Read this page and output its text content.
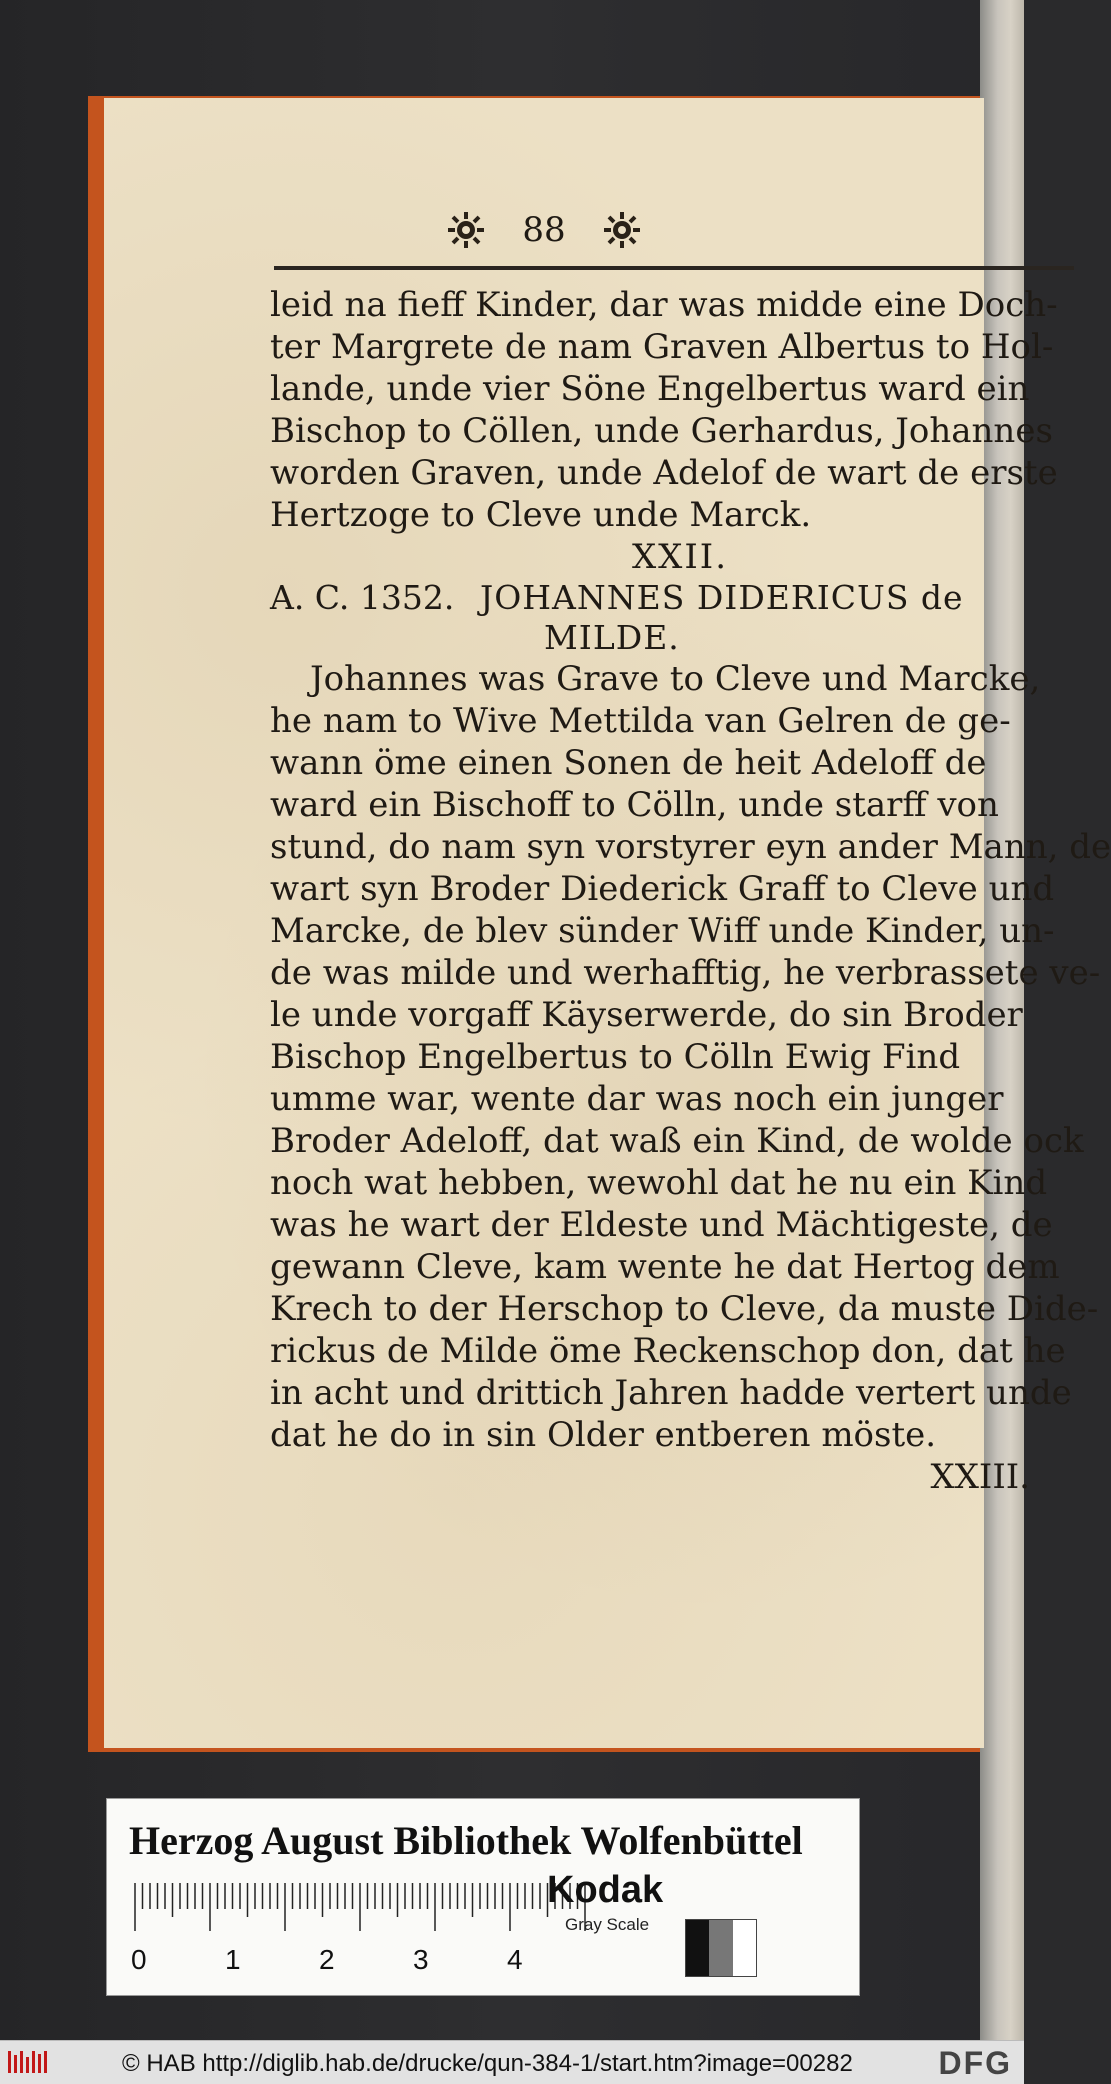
88

leid na fieff Kinder, dar was midde eine Doch-

ter Margrete de nam Graven Albertus to Hol-

lande, unde vier Söne Engelbertus ward ein

Bischop to Cöllen, unde Gerhardus, Johannes

worden Graven, unde Adelof de wart de erste

Hertzoge to Cleve unde Marck.

XXII.

A. C. 1352. JOHANNES DIDERICUS de

MILDE.

Johannes was Grave to Cleve und Marcke,

he nam to Wive Mettilda van Gelren de ge-

wann öme einen Sonen de heit Adeloff de

ward ein Bischoff to Cölln, unde starff von

stund, do nam syn vorstyrer eyn ander Mann, de

wart syn Broder Diederick Graff to Cleve und

Marcke, de blev sünder Wiff unde Kinder, un-

de was milde und werhafftig, he verbrassete ve-

le unde vorgaff Käyserwerde, do sin Broder

Bischop Engelbertus to Cölln Ewig Find

umme war, wente dar was noch ein junger

Broder Adeloff, dat waß ein Kind, de wolde ock

noch wat hebben, wewohl dat he nu ein Kind

was he wart der Eldeste und Mächtigeste, de

gewann Cleve, kam wente he dat Hertog dem

Krech to der Herschop to Cleve, da muste Dide-

rickus de Milde öme Reckenschop don, dat he

in acht und drittich Jahren hadde vertert unde

dat he do in sin Older entberen möste.

XXIII.

Herzog August Bibliothek Wolfenbüttel
0	1	2	3	4
Kodak
Gray Scale
© HAB http://diglib.hab.de/drucke/qun-384-1/start.htm?image=00282	DFG
